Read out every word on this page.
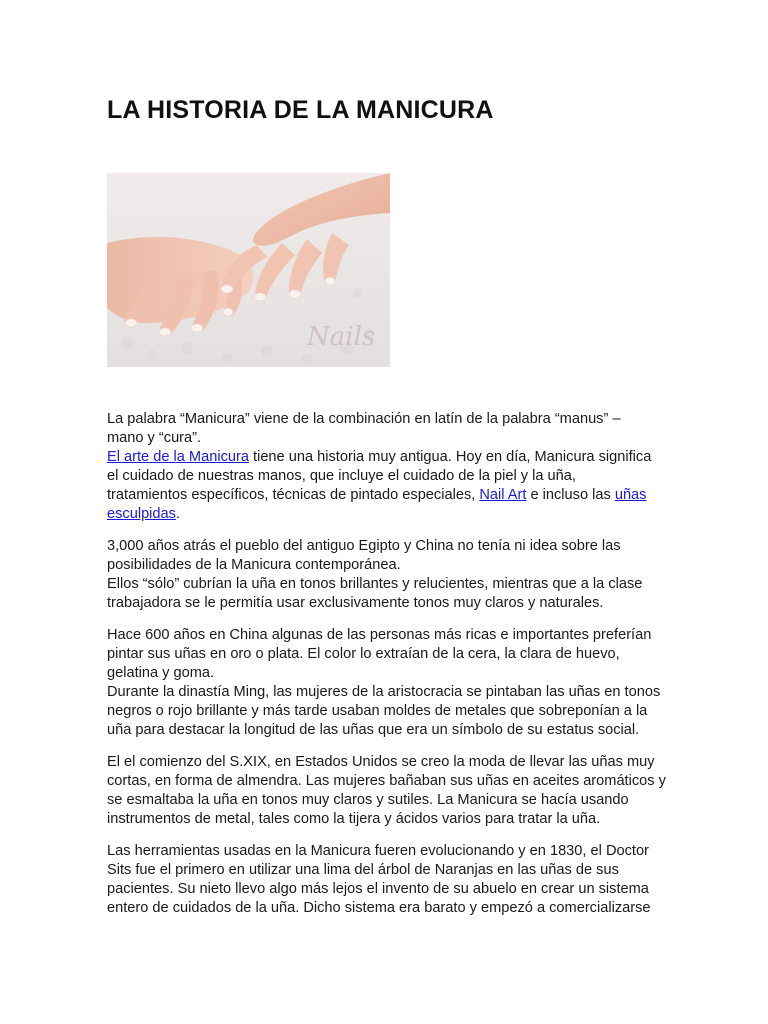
LA HISTORIA DE LA MANICURA
Nails

La palabra “Manicura” viene de la combinación en latín de la palabra “manus” –
mano y “cura”.
El arte de la Manicura tiene una historia muy antigua. Hoy en día, Manicura significa
el cuidado de nuestras manos, que incluye el cuidado de la piel y la uña,
tratamientos específicos, técnicas de pintado especiales, Nail Art e incluso las uñas
esculpidas.

3,000 años atrás el pueblo del antiguo Egipto y China no tenía ni idea sobre las
posibilidades de la Manicura contemporánea.
Ellos “sólo” cubrían la uña en tonos brillantes y relucientes, mientras que a la clase
trabajadora se le permitía usar exclusivamente tonos muy claros y naturales.

Hace 600 años en China algunas de las personas más ricas e importantes preferían
pintar sus uñas en oro o plata. El color lo extraían de la cera, la clara de huevo,
gelatina y goma.
Durante la dinastía Ming, las mujeres de la aristocracia se pintaban las uñas en tonos
negros o rojo brillante y más tarde usaban moldes de metales que sobreponían a la
uña para destacar la longitud de las uñas que era un símbolo de su estatus social.

El el comienzo del S.XIX, en Estados Unidos se creo la moda de llevar las uñas muy
cortas, en forma de almendra. Las mujeres bañaban sus uñas en aceites aromáticos y
se esmaltaba la uña en tonos muy claros y sutiles. La Manicura se hacía usando
instrumentos de metal, tales como la tijera y ácidos varios para tratar la uña.

Las herramientas usadas en la Manicura fueren evolucionando y en 1830, el Doctor
Sits fue el primero en utilizar una lima del árbol de Naranjas en las uñas de sus
pacientes. Su nieto llevo algo más lejos el invento de su abuelo en crear un sistema
entero de cuidados de la uña. Dicho sistema era barato y empezó a comercializarse
